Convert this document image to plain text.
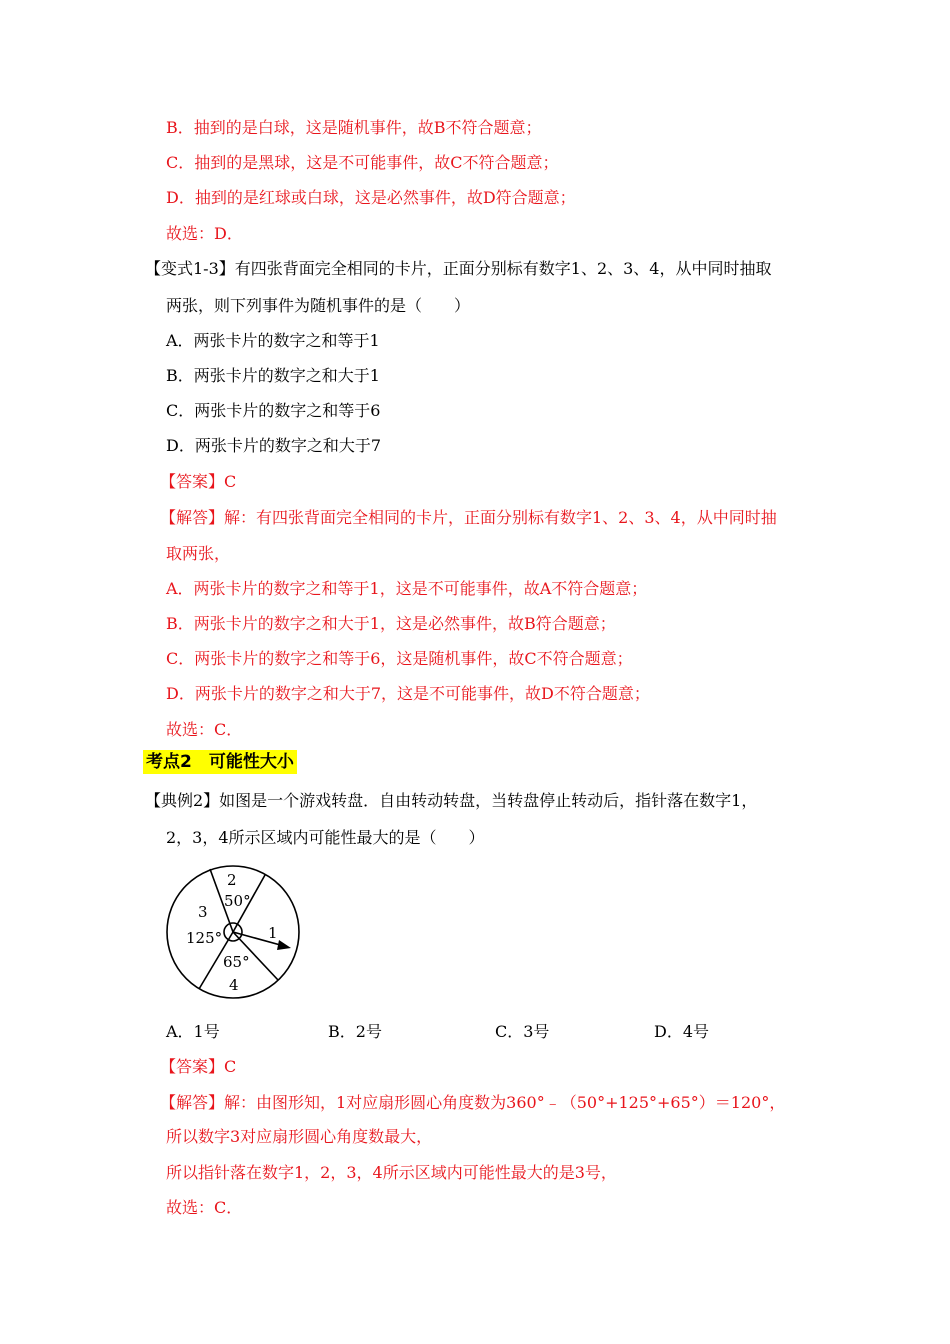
B．抽到的是白球，这是随机事件，故B不符合题意；
C．抽到的是黑球，这是不可能事件，故C不符合题意；
D．抽到的是红球或白球，这是必然事件，故D符合题意；
故选：D．
【变式1-3】有四张背面完全相同的卡片，正面分别标有数字1、2、3、4，从中同时抽取
两张，则下列事件为随机事件的是（　　）
A．两张卡片的数字之和等于1
B．两张卡片的数字之和大于1
C．两张卡片的数字之和等于6
D．两张卡片的数字之和大于7
【答案】C
【解答】解：有四张背面完全相同的卡片，正面分别标有数字1、2、3、4，从中同时抽
取两张，
A．两张卡片的数字之和等于1，这是不可能事件，故A不符合题意；
B．两张卡片的数字之和大于1，这是必然事件，故B符合题意；
C．两张卡片的数字之和等于6，这是随机事件，故C不符合题意；
D．两张卡片的数字之和大于7，这是不可能事件，故D不符合题意；
故选：C．
考点2　可能性大小
【典例2】如图是一个游戏转盘．自由转动转盘，当转盘停止转动后，指针落在数字1，
2，3，4所示区域内可能性最大的是（　　）
2
50°
3
125°	1
65°
4
A．1号	B．2号	C．3号	D．4号
【答案】C
【解答】解：由图形知，1对应扇形圆心角度数为360°﹣（50°+125°+65°）＝120°，
所以数字3对应扇形圆心角度数最大，
所以指针落在数字1，2，3，4所示区域内可能性最大的是3号，
故选：C．
